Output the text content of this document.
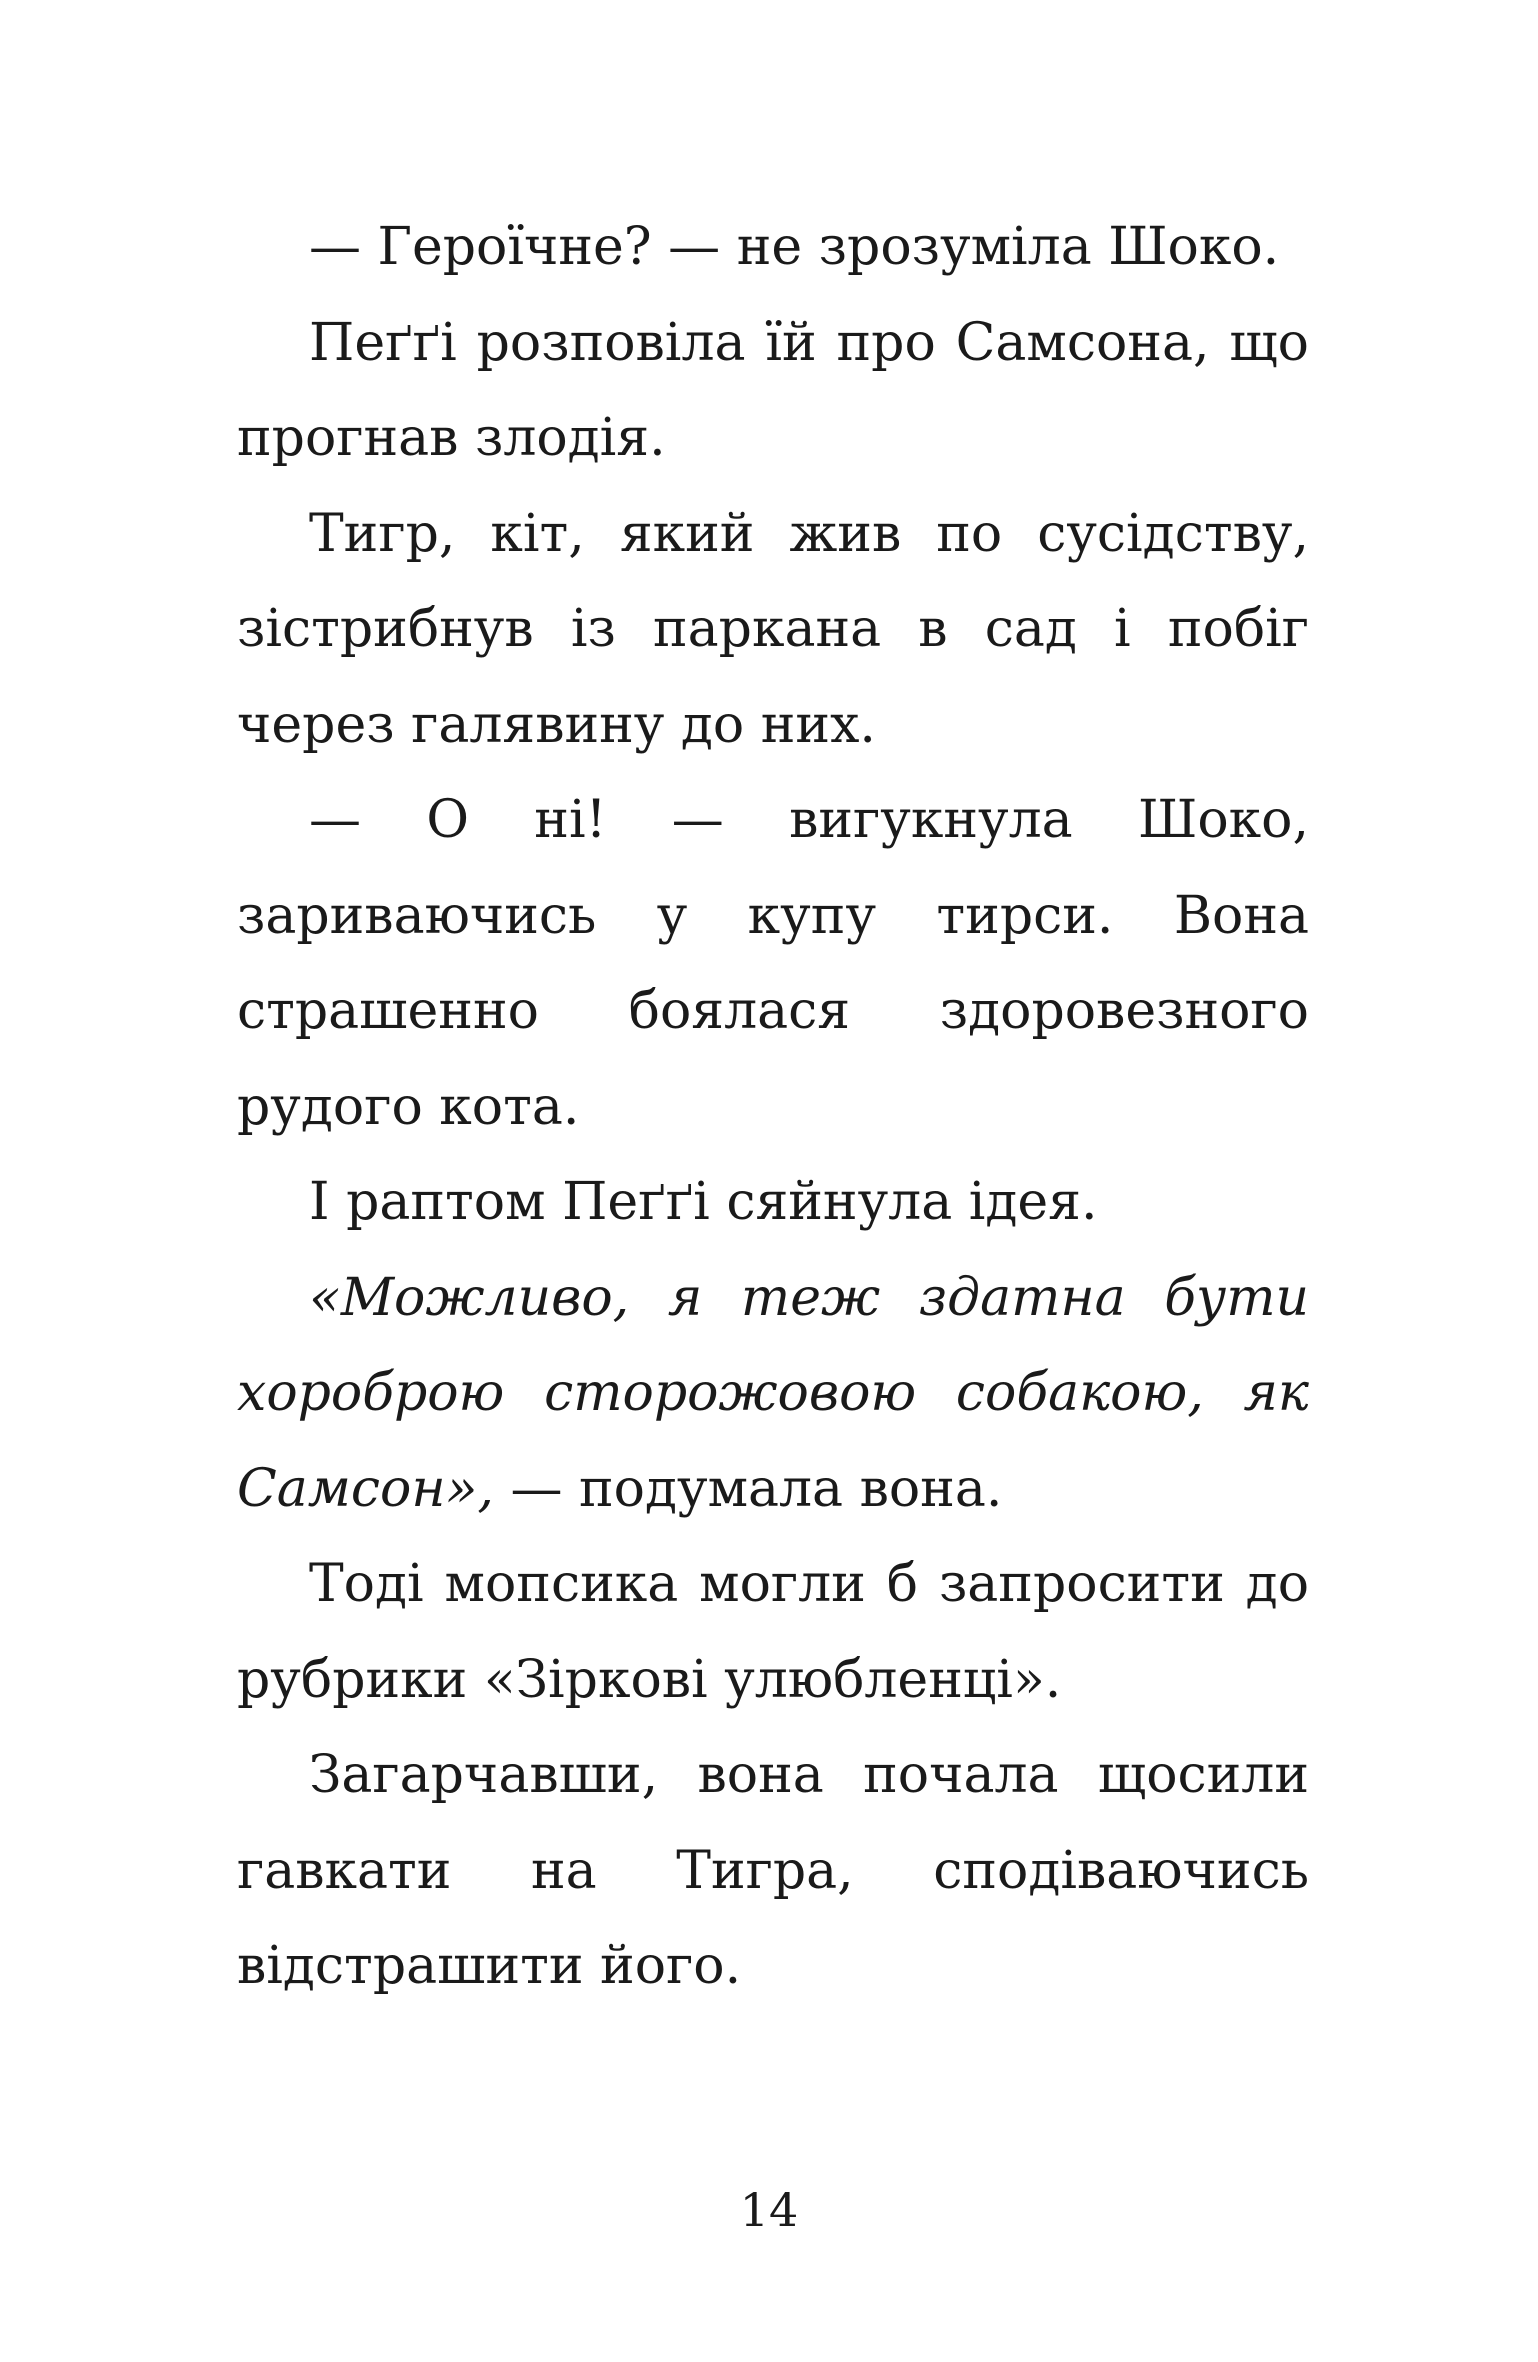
— Героїчне? — не зрозуміла Шоко.

Пеґґі розповіла їй про Самсона, що прогнав злодія.

Тигр, кіт, який жив по сусідству, зістрибнув із паркана в сад і побіг через галявину до них.

— О ні! — вигукнула Шоко, зариваючись у купу тирси. Вона страшенно боялася здоровезного рудого кота.

І раптом Пеґґі сяйнула ідея.

«Можливо, я теж здатна бути хороброю сторожовою собакою, як Самсон», — подумала вона.

Тоді мопсика могли б запросити до рубрики «Зіркові улюбленці».

Загарчавши, вона почала щосили гавкати на Тигра, сподіваючись відстрашити його.

14
